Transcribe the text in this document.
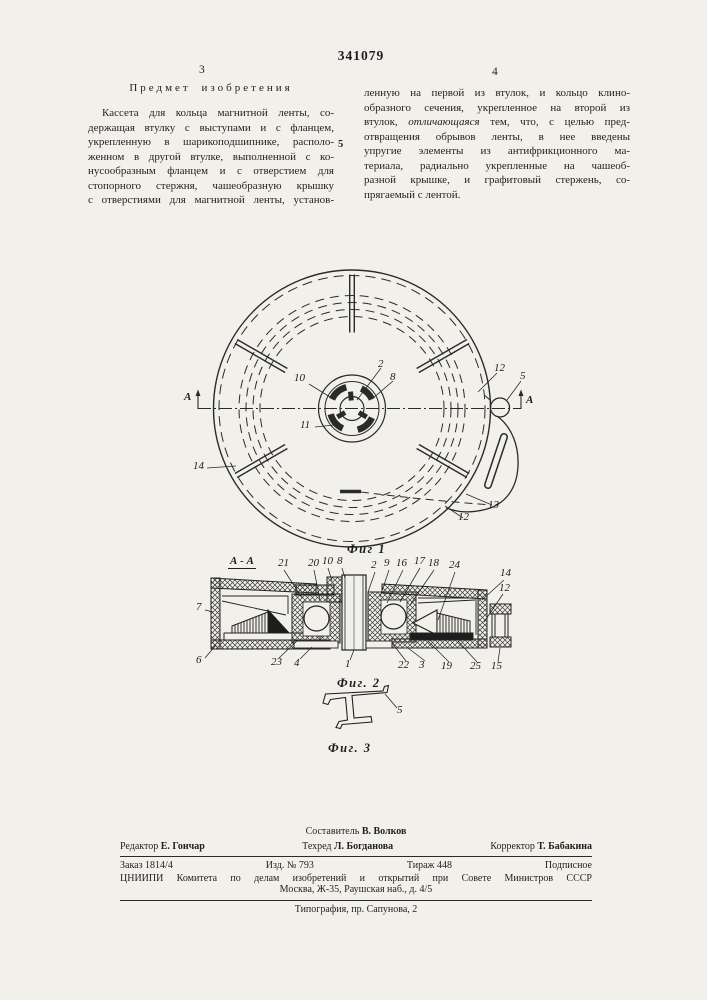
341079
3	4
Предмет изобретения
Кассета для кольца магнитной ленты, со-
держащая втулку с выступами и с фланцем,
укрепленную в шарикоподшипнике, располо-
женном в другой втулке, выполненной с ко-
нусообразным фланцем и с отверстием для
стопорного стержня, чашеобразную крышку
с отверстиями для магнитной ленты, установ-
ленную на первой из втулок, и кольцо клино-
образного сечения, укрепленное на второй из
втулок, отличающаяся тем, что, с целью пред-
отвращения обрывов ленты, в нее введены
упругие элементы из антифрикционного ма-
териала, радиально укрепленные на чашеоб-
разной крышке, и графитовый стержень, со-
прягаемый с лентой.
5
10
2
8
11
14
12
5
13
12
А	А
Фиг 1
А - А 21 20 10 8	2 9 16 17 18 24
14
12
7
6	23 4	1	22 3 19 25 15
Фиг. 2
5
Фиг. 3
Составитель В. Волков
Редактор Е. Гончар	Техред Л. Богданова	Корректор Т. Бабакина
Заказ 1814/4	Изд. № 793	Тираж 448	Подписное
ЦНИИПИ Комитета по делам изобретений и открытий при Совете Министров СССР
Москва, Ж-35, Раушская наб., д. 4/5
Типография, пр. Сапунова, 2
